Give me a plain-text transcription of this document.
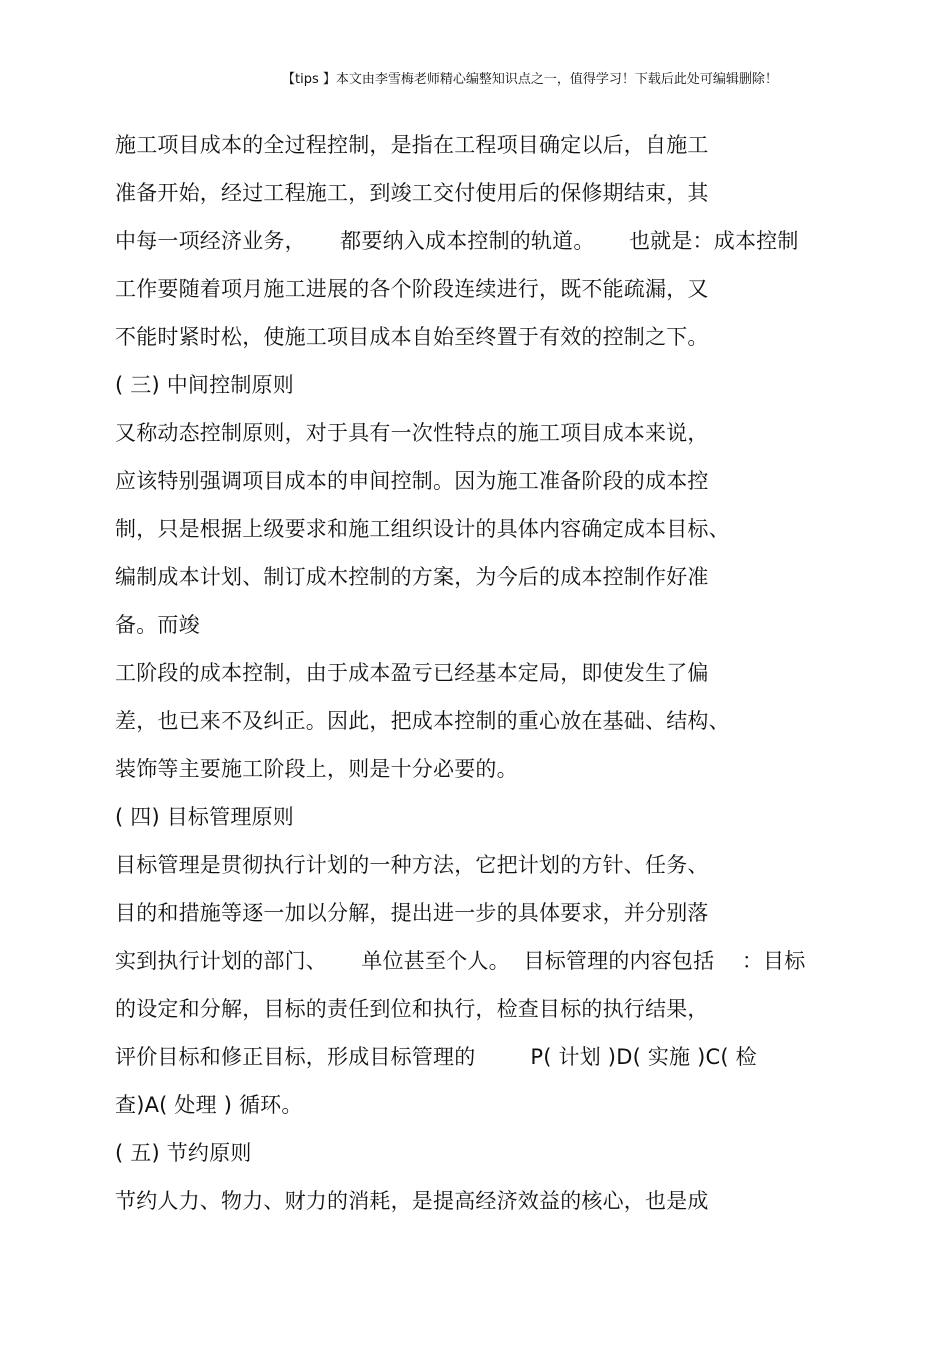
【tips 】本文由李雪梅老师精心编整知识点之一，值得学习！下载后此处可编辑删除！
施工项目成本的全过程控制，是指在工程项目确定以后，自施工
准备开始，经过工程施工，到竣工交付使用后的保修期结束，其
中每一项经济业务，     都要纳入成本控制的轨道。     也就是：成本控制
工作要随着项月施工进展的各个阶段连续进行，既不能疏漏，又
不能时紧时松，使施工项目成本自始至终置于有效的控制之下。
( 三) 中间控制原则
又称动态控制原则，对于具有一次性特点的施工项目成本来说，
应该特别强调项目成本的申间控制。因为施工准备阶段的成本控
制，只是根据上级要求和施工组织设计的具体内容确定成本目标、
编制成本计划、制订成木控制的方案，为今后的成本控制作好准
备。而竣
工阶段的成本控制，由于成本盈亏已经基本定局，即使发生了偏
差，也已来不及纠正。因此，把成本控制的重心放在基础、结构、
装饰等主要施工阶段上，则是十分必要的。
( 四) 目标管理原则
目标管理是贯彻执行计划的一种方法，它把计划的方针、任务、
目的和措施等逐一加以分解，提出进一步的具体要求，并分别落
实到执行计划的部门、     单位甚至个人。  目标管理的内容包括    ：目标
的设定和分解，目标的责任到位和执行，检查目标的执行结果，
评价目标和修正目标，形成目标管理的        P( 计划 )D( 实施 )C( 检
查)A( 处理 ) 循环。
( 五) 节约原则
节约人力、物力、财力的消耗，是提高经济效益的核心，也是成
